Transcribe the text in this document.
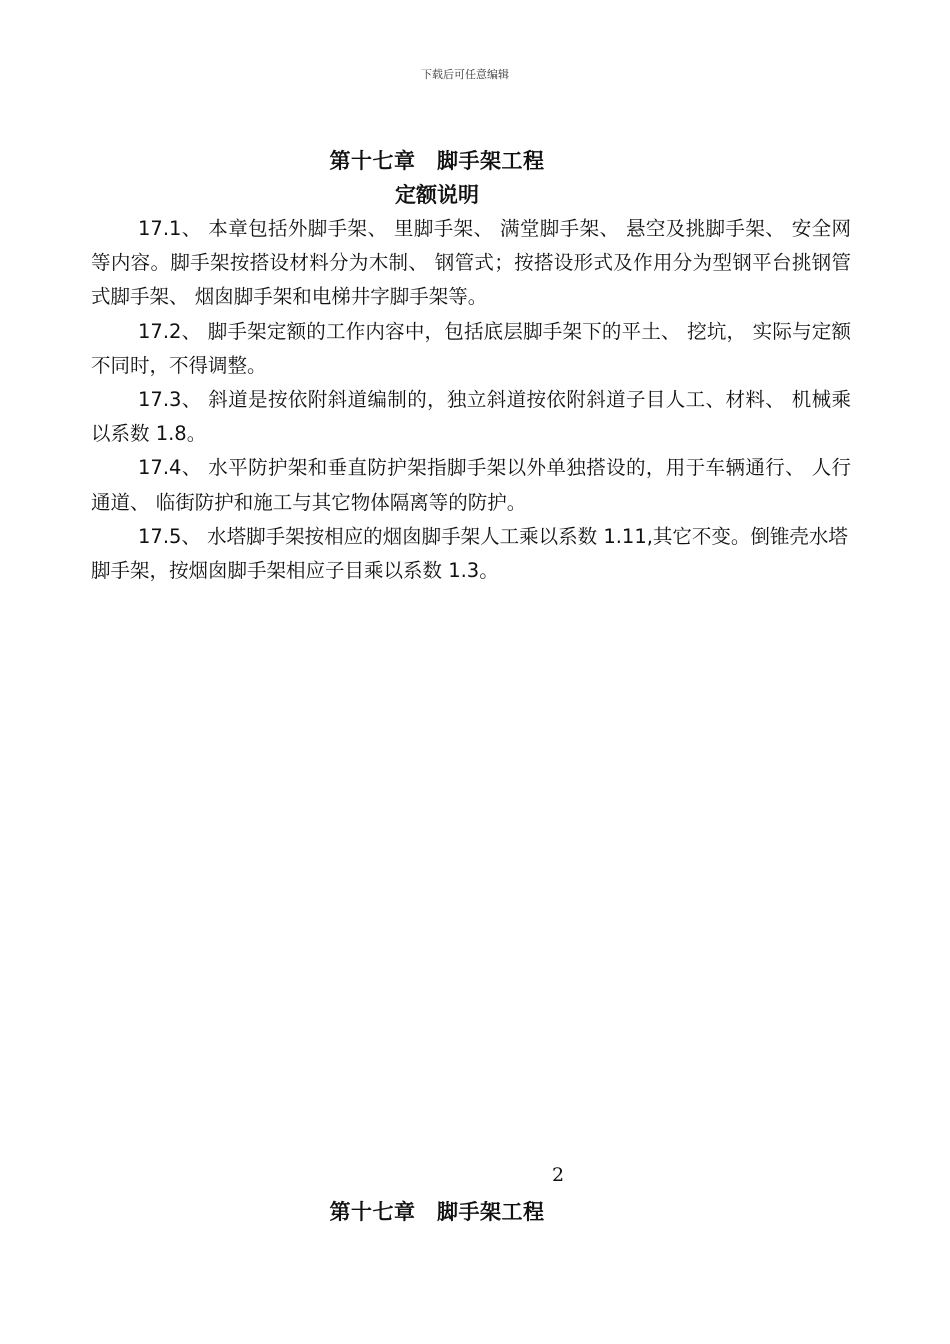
下载后可任意编辑
第十七章　脚手架工程
定额说明

17.1、 本章包括外脚手架、 里脚手架、 满堂脚手架、 悬空及挑脚手架、 安全网等内容。脚手架按搭设材料分为木制、 钢管式；按搭设形式及作用分为型钢平台挑钢管式脚手架、 烟囱脚手架和电梯井字脚手架等。

17.2、 脚手架定额的工作内容中，包括底层脚手架下的平土、 挖坑， 实际与定额不同时，不得调整。

17.3、 斜道是按依附斜道编制的，独立斜道按依附斜道子目人工、材料、 机械乘以系数 1.8。

17.4、 水平防护架和垂直防护架指脚手架以外单独搭设的，用于车辆通行、 人行通道、 临街防护和施工与其它物体隔离等的防护。

17.5、 水塔脚手架按相应的烟囱脚手架人工乘以系数 1.11,其它不变。倒锥壳水塔脚手架，按烟囱脚手架相应子目乘以系数 1.3。

2
第十七章　脚手架工程
